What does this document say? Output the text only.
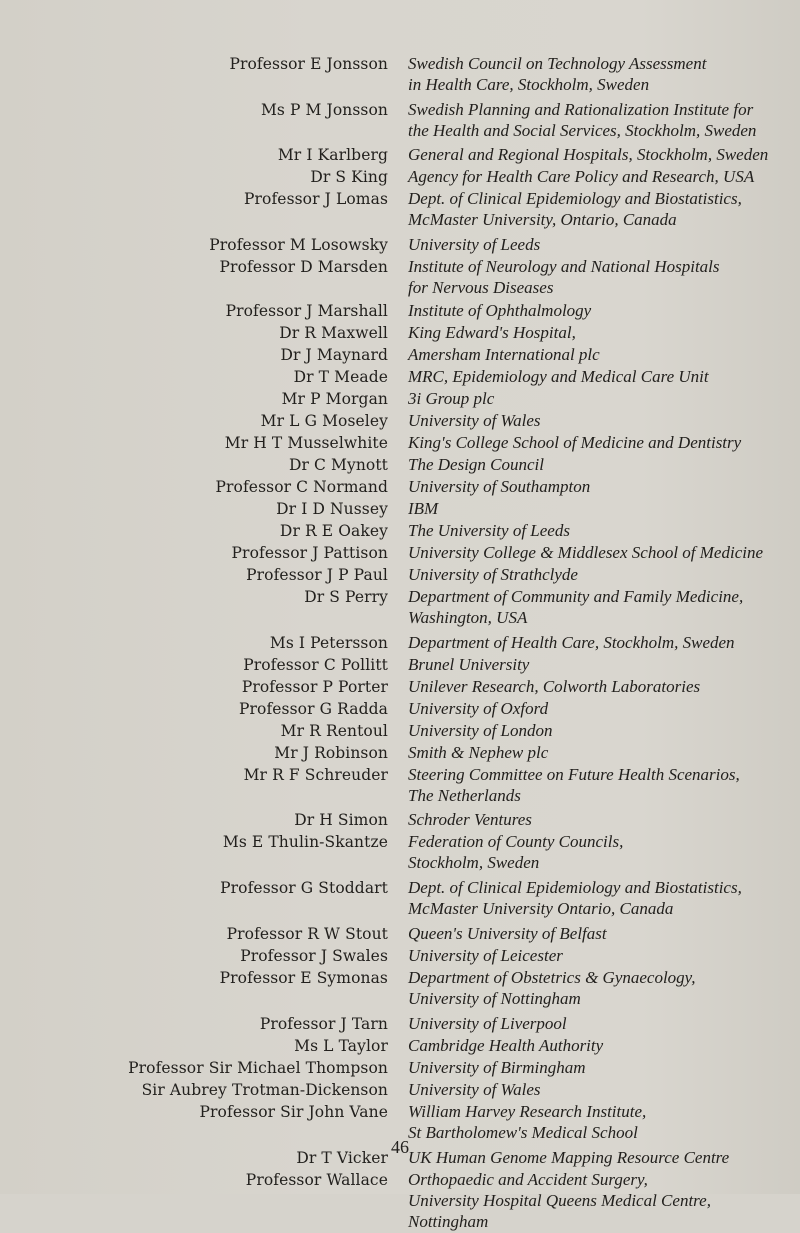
Professor E Jonsson Swedish Council on Technology Assessment
in Health Care, Stockholm, Sweden
Ms P M Jonsson Swedish Planning and Rationalization Institute for
the Health and Social Services, Stockholm, Sweden
Mr I Karlberg General and Regional Hospitals, Stockholm, Sweden
Dr S King Agency for Health Care Policy and Research, USA
Professor J Lomas Dept. of Clinical Epidemiology and Biostatistics,
McMaster University, Ontario, Canada
Professor M Losowsky University of Leeds
Professor D Marsden Institute of Neurology and National Hospitals
for Nervous Diseases
Professor J Marshall Institute of Ophthalmology
Dr R Maxwell King Edward's Hospital,
Dr J Maynard Amersham International plc
Dr T Meade MRC, Epidemiology and Medical Care Unit
Mr P Morgan 3i Group plc
Mr L G Moseley University of Wales
Mr H T Musselwhite King's College School of Medicine and Dentistry
Dr C Mynott The Design Council
Professor C Normand University of Southampton
Dr I D Nussey IBM
Dr R E Oakey The University of Leeds
Professor J Pattison University College & Middlesex School of Medicine
Professor J P Paul University of Strathclyde
Dr S Perry Department of Community and Family Medicine,
Washington, USA
Ms I Petersson Department of Health Care, Stockholm, Sweden
Professor C Pollitt Brunel University
Professor P Porter Unilever Research, Colworth Laboratories
Professor G Radda University of Oxford
Mr R Rentoul University of London
Mr J Robinson Smith & Nephew plc
Mr R F Schreuder Steering Committee on Future Health Scenarios,
The Netherlands
Dr H Simon Schroder Ventures
Ms E Thulin-Skantze Federation of County Councils,
Stockholm, Sweden
Professor G Stoddart Dept. of Clinical Epidemiology and Biostatistics,
McMaster University Ontario, Canada
Professor R W Stout Queen's University of Belfast
Professor J Swales University of Leicester
Professor E Symonas Department of Obstetrics & Gynaecology,
University of Nottingham
Professor J Tarn University of Liverpool
Ms L Taylor Cambridge Health Authority
Professor Sir Michael Thompson University of Birmingham
Sir Aubrey Trotman-Dickenson University of Wales
Professor Sir John Vane William Harvey Research Institute,
St Bartholomew's Medical School
Dr T Vicker UK Human Genome Mapping Resource Centre
Professor Wallace Orthopaedic and Accident Surgery,
University Hospital Queens Medical Centre,
Nottingham
46
